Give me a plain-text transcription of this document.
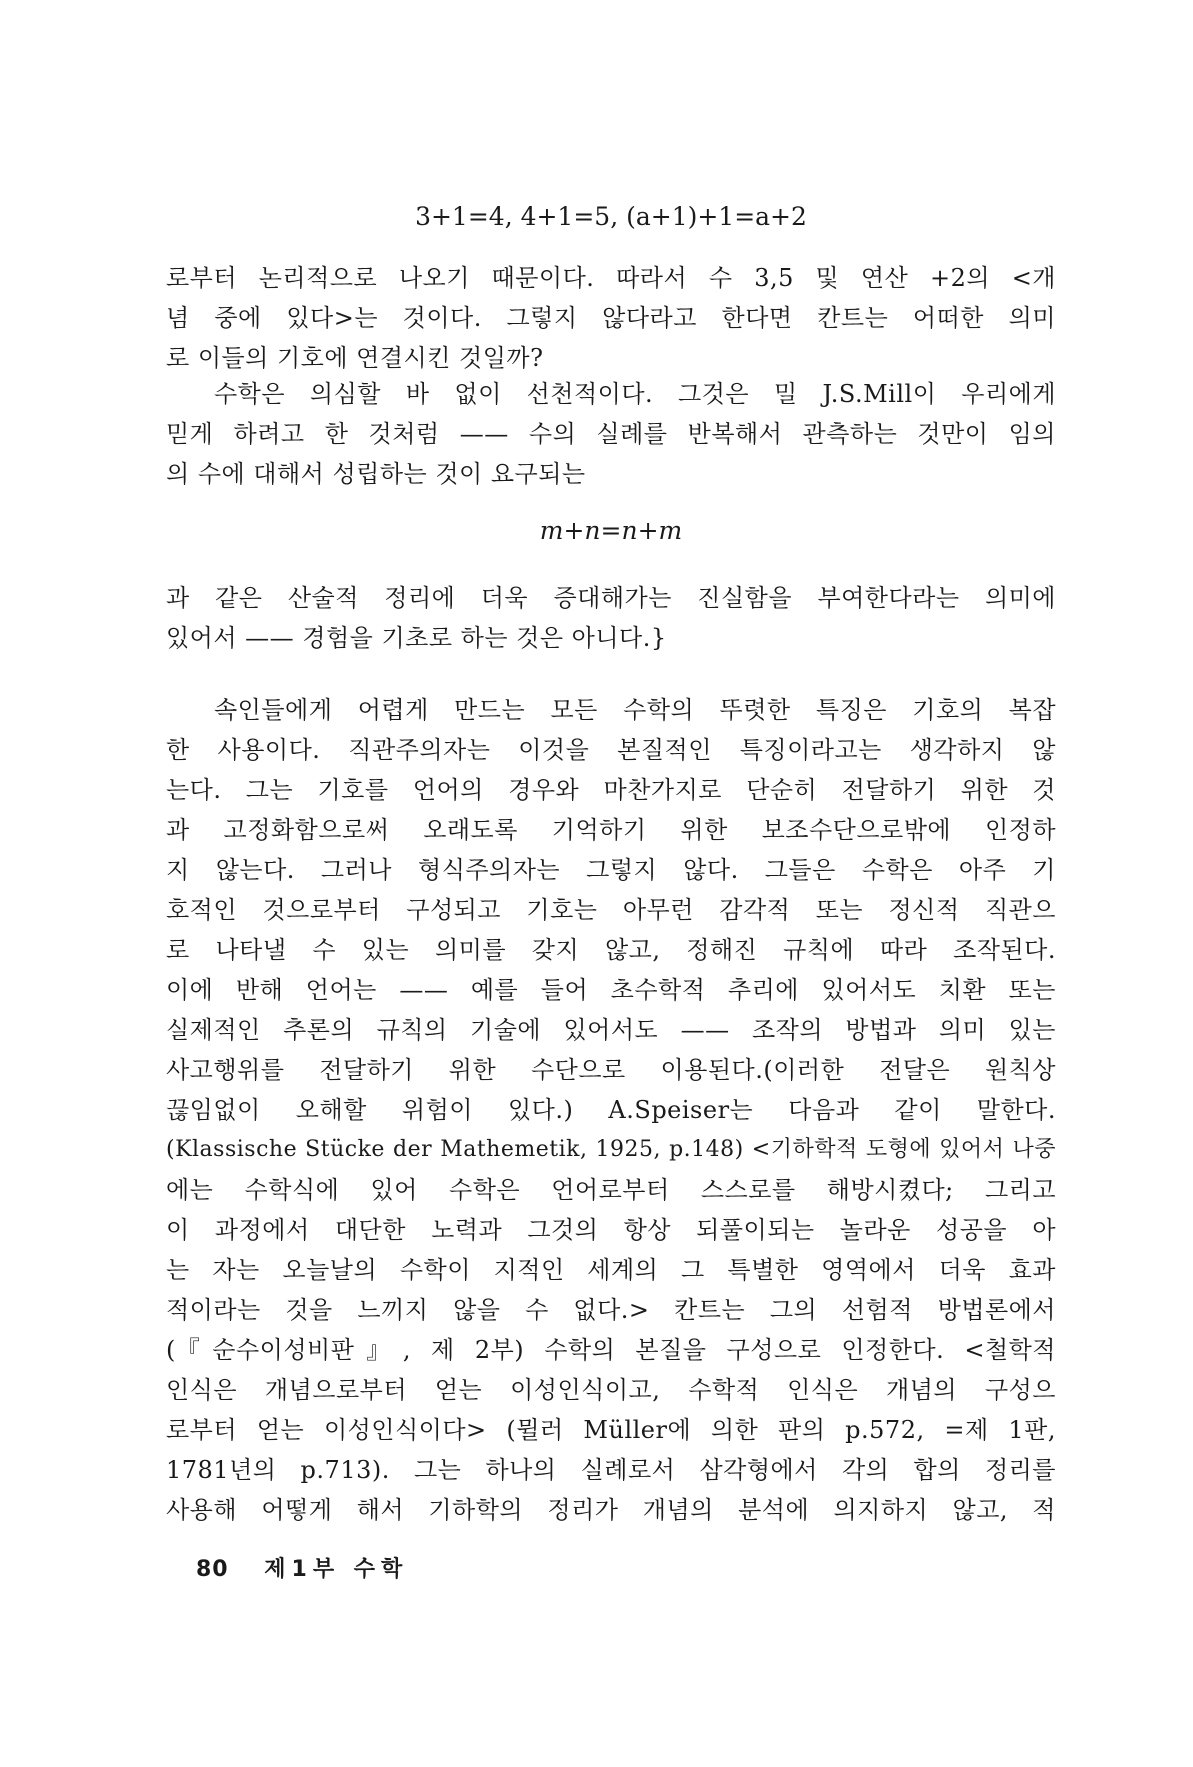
3+1=4, 4+1=5, (a+1)+1=a+2
로부터 논리적으로 나오기 때문이다. 따라서 수 3,5 및 연산 +2의 <개
념 중에 있다>는 것이다. 그렇지 않다라고 한다면 칸트는 어떠한 의미
로 이들의 기호에 연결시킨 것일까?
수학은 의심할 바 없이 선천적이다. 그것은 밀 J.S.Mill이 우리에게
믿게 하려고 한 것처럼 —— 수의 실례를 반복해서 관측하는 것만이 임의
의 수에 대해서 성립하는 것이 요구되는
m+n=n+m
과 같은 산술적 정리에 더욱 증대해가는 진실함을 부여한다라는 의미에
있어서 —— 경험을 기초로 하는 것은 아니다.}
속인들에게 어렵게 만드는 모든 수학의 뚜렷한 특징은 기호의 복잡
한 사용이다. 직관주의자는 이것을 본질적인 특징이라고는 생각하지 않
는다. 그는 기호를 언어의 경우와 마찬가지로 단순히 전달하기 위한 것
과 고정화함으로써 오래도록 기억하기 위한 보조수단으로밖에 인정하
지 않는다. 그러나 형식주의자는 그렇지 않다. 그들은 수학은 아주 기
호적인 것으로부터 구성되고 기호는 아무런 감각적 또는 정신적 직관으
로 나타낼 수 있는 의미를 갖지 않고, 정해진 규칙에 따라 조작된다.
이에 반해 언어는 —— 예를 들어 초수학적 추리에 있어서도 치환 또는
실제적인 추론의 규칙의 기술에 있어서도 —— 조작의 방법과 의미 있는
사고행위를 전달하기 위한 수단으로 이용된다.(이러한 전달은 원칙상
끊임없이 오해할 위험이 있다.) A.Speiser는 다음과 같이 말한다.
(Klassische Stücke der Mathemetik, 1925, p.148) <기하학적 도형에 있어서 나중
에는 수학식에 있어 수학은 언어로부터 스스로를 해방시켰다; 그리고
이 과정에서 대단한 노력과 그것의 항상 되풀이되는 놀라운 성공을 아
는 자는 오늘날의 수학이 지적인 세계의 그 특별한 영역에서 더욱 효과
적이라는 것을 느끼지 않을 수 없다.> 칸트는 그의 선험적 방법론에서
(『순수이성비판』, 제 2부) 수학의 본질을 구성으로 인정한다. <철학적
인식은 개념으로부터 얻는 이성인식이고, 수학적 인식은 개념의 구성으
로부터 얻는 이성인식이다> (뮐러 Müller에 의한 판의 p.572, =제 1판,
1781년의 p.713). 그는 하나의 실례로서 삼각형에서 각의 합의 정리를
사용해 어떻게 해서 기하학의 정리가 개념의 분석에 의지하지 않고, 적
80 제1부 수학
